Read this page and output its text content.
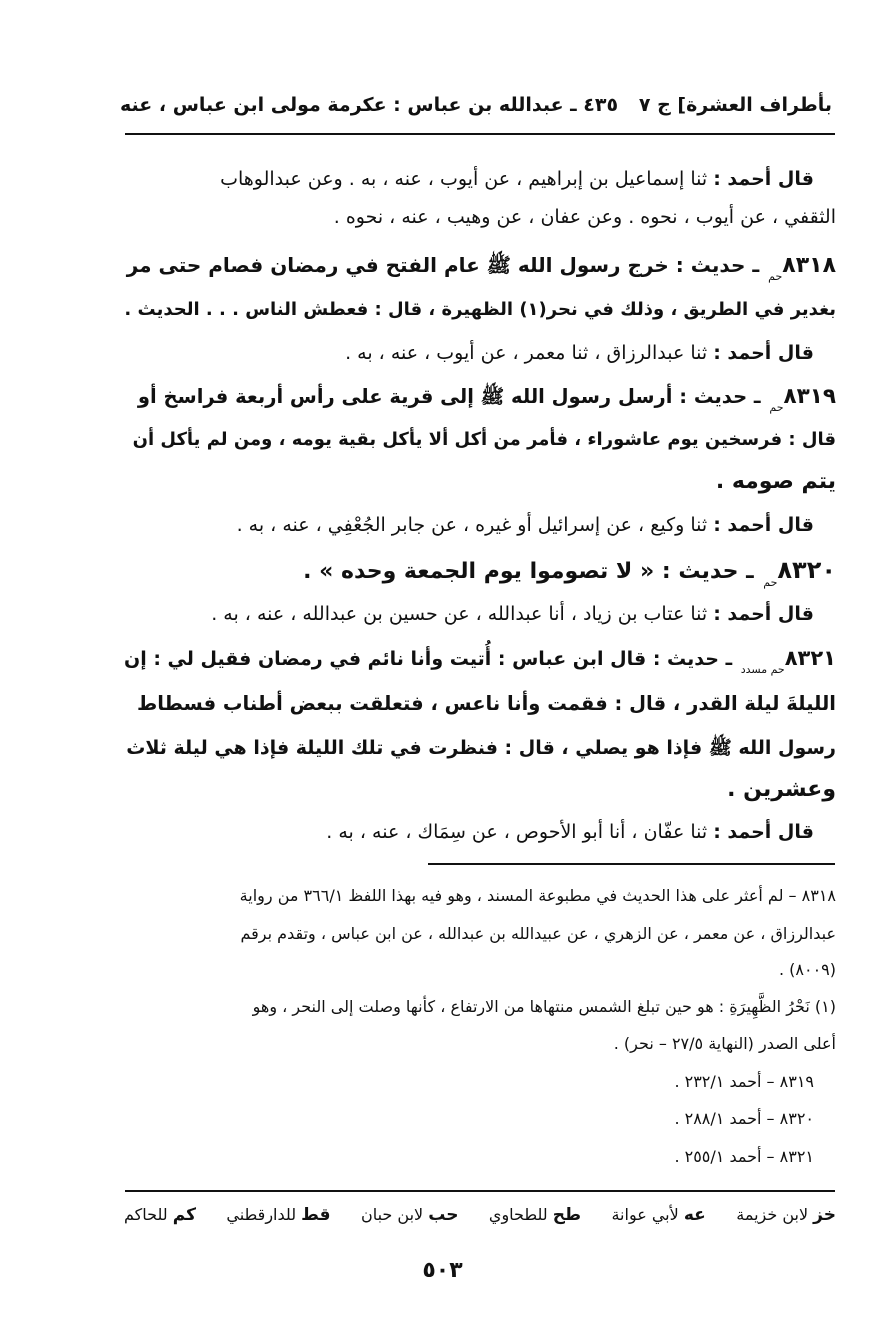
بأطراف العشرة] ج ٧
٤٣٥ ـ عبدالله بن عباس : عكرمة مولى ابن عباس ، عنه
قال أحمد : ثنا إسماعيل بن إبراهيم ، عن أيوب ، عنه ، به . وعن عبدالوهاب
الثقفي ، عن أيوب ، نحوه . وعن عفان ، عن وهيب ، عنه ، نحوه .
$٨٣١٨_{حم}$ ـ حديث : خرج رسول الله ﷺ عام الفتح في رمضان فصام حتى مر
بغدير في الطريق ، وذلك في نحر(١) الظهيرة ، قال : فعطش الناس . . . الحديث .
قال أحمد : ثنا عبدالرزاق ، ثنا معمر ، عن أيوب ، عنه ، به .
$٨٣١٩_{حم}$ ـ حديث : أرسل رسول الله ﷺ إلى قرية على رأس أربعة فراسخ أو
قال : فرسخين يوم عاشوراء ، فأمر من أكل ألا يأكل بقية يومه ، ومن لم يأكل أن
يتم صومه .
قال أحمد : ثنا وكيع ، عن إسرائيل أو غيره ، عن جابر الجُعْفِي ، عنه ، به .
$٨٣٢٠_{حم}$ ـ حديث : « لا تصوموا يوم الجمعة وحده » .
قال أحمد : ثنا عتاب بن زياد ، أنا عبدالله ، عن حسين بن عبدالله ، عنه ، به .
$٨٣٢١_{حم مسدد}$ ـ حديث : قال ابن عباس : أُتيت وأنا نائم في رمضان فقيل لي : إن
الليلةَ ليلة القدر ، قال : فقمت وأنا ناعس ، فتعلقت ببعض أطناب فسطاط
رسول الله ﷺ فإذا هو يصلي ، قال : فنظرت في تلك الليلة فإذا هي ليلة ثلاث
وعشرين .
قال أحمد : ثنا عفّان ، أنا أبو الأحوص ، عن سِمَاك ، عنه ، به .
٨٣١٨ – لم أعثر على هذا الحديث في مطبوعة المسند ، وهو فيه بهذا اللفظ ٣٦٦/١ من رواية
عبدالرزاق ، عن معمر ، عن الزهري ، عن عبيدالله بن عبدالله ، عن ابن عباس ، وتقدم برقم
(٨٠٠٩) .
(١) نَحْرُ الظَّهِيرَةِ : هو حين تبلغ الشمس منتهاها من الارتفاع ، كأنها وصلت إلى النحر ، وهو
أعلى الصدر (النهاية ٢٧/٥ – نحر) .
٨٣١٩ – أحمد ٢٣٢/١ .
٨٣٢٠ – أحمد ٢٨٨/١ .
٨٣٢١ – أحمد ٢٥٥/١ .
خز لابن خزيمة
عه لأبي عوانة
طح للطحاوي
حب لابن حبان
قط للدارقطني
كم للحاكم
٥٠٣
